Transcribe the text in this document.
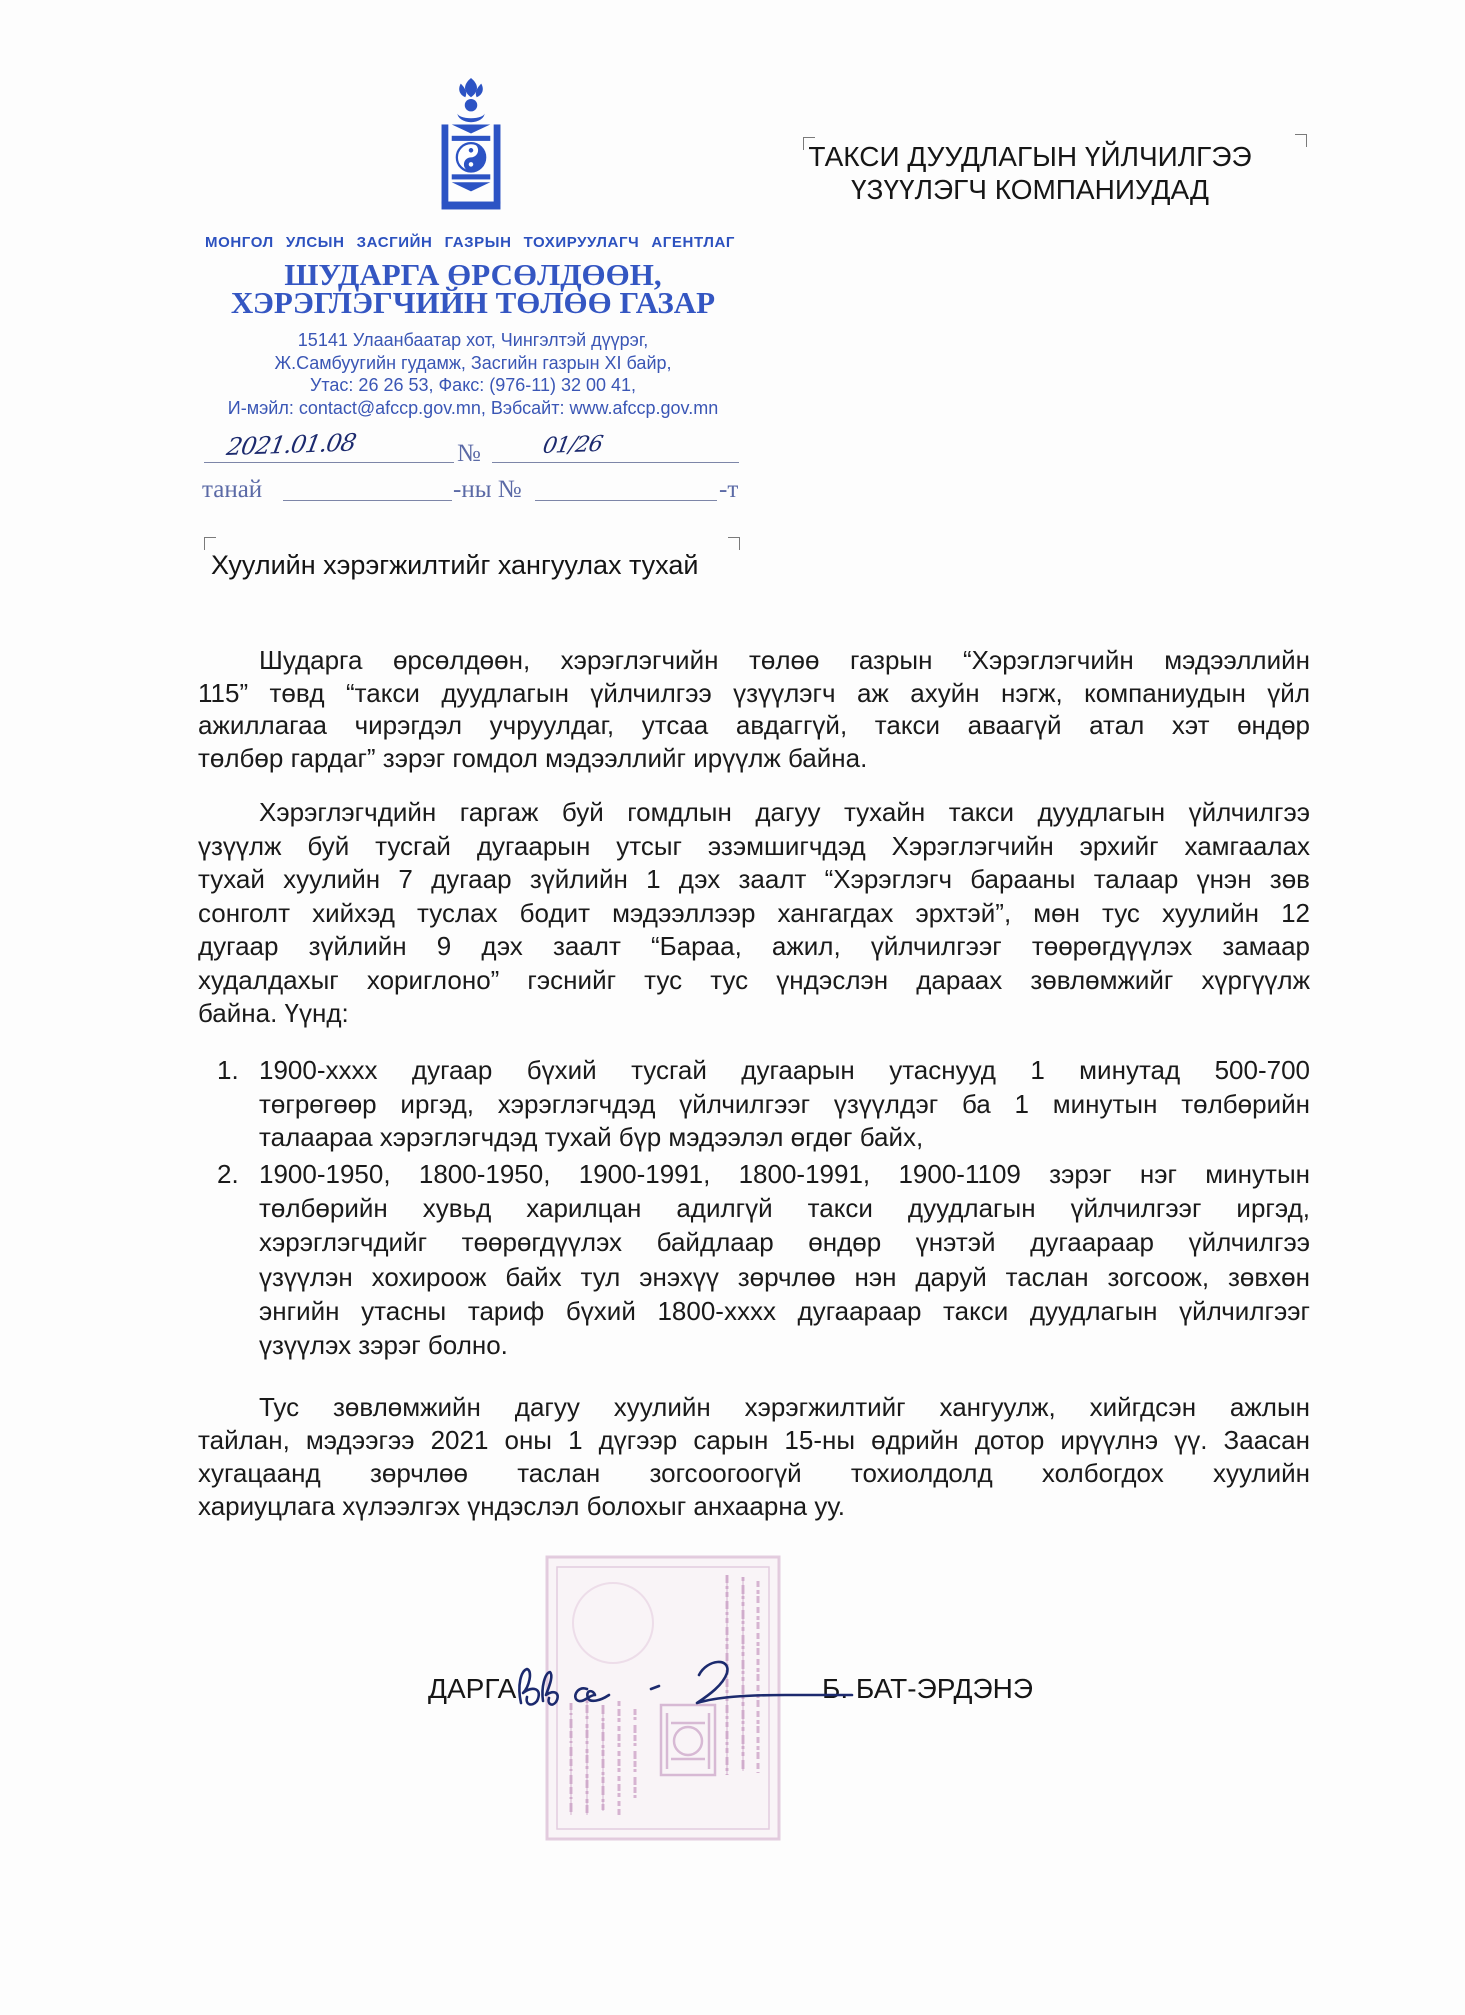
МОНГОЛ УЛСЫН ЗАСГИЙН ГАЗРЫН ТОХИРУУЛАГЧ АГЕНТЛАГ
ШУДАРГА ӨРСӨЛДӨӨН,
ХЭРЭГЛЭГЧИЙН ТӨЛӨӨ ГАЗАР
15141 Улаанбаатар хот, Чингэлтэй дүүрэг,
Ж.Самбуугийн гудамж, Засгийн газрын XI байр,
Утас: 26 26 53, Факс: (976-11) 32 00 41,
И-мэйл: contact@afccp.gov.mn, Вэбсайт: www.afccp.gov.mn
2021.01.08	№	01/26
танай	-ны №	-т
ТАКСИ ДУУДЛАГЫН ҮЙЛЧИЛГЭЭ
ҮЗҮҮЛЭГЧ КОМПАНИУДАД
Хуулийн хэрэгжилтийг хангуулах тухай
Шударга өрсөлдөөн, хэрэглэгчийн төлөө газрын “Хэрэглэгчийн мэдээллийн
115” төвд “такси дуудлагын үйлчилгээ үзүүлэгч аж ахуйн нэгж, компаниудын үйл
ажиллагаа чирэгдэл учруулдаг, утсаа авдаггүй, такси аваагүй атал хэт өндөр
төлбөр гардаг” зэрэг гомдол мэдээллийг ирүүлж байна.
Хэрэглэгчдийн гаргаж буй гомдлын дагуу тухайн такси дуудлагын үйлчилгээ
үзүүлж буй тусгай дугаарын утсыг эзэмшигчдэд Хэрэглэгчийн эрхийг хамгаалах
тухай хуулийн 7 дугаар зүйлийн 1 дэх заалт “Хэрэглэгч барааны талаар үнэн зөв
сонголт хийхэд туслах бодит мэдээллээр хангагдах эрхтэй”, мөн тус хуулийн 12
дугаар зүйлийн 9 дэх заалт “Бараа, ажил, үйлчилгээг төөрөгдүүлэх замаар
худалдахыг хориглоно” гэснийг тус тус үндэслэн дараах зөвлөмжийг хүргүүлж
байна. Үүнд:
1. 1900-xxxx дугаар бүхий тусгай дугаарын утаснууд 1 минутад 500-700
төгрөгөөр иргэд, хэрэглэгчдэд үйлчилгээг үзүүлдэг ба 1 минутын төлбөрийн
талаараа хэрэглэгчдэд тухай бүр мэдээлэл өгдөг байх,
2. 1900-1950, 1800-1950, 1900-1991, 1800-1991, 1900-1109 зэрэг нэг минутын
төлбөрийн хувьд харилцан адилгүй такси дуудлагын үйлчилгээг иргэд,
хэрэглэгчдийг төөрөгдүүлэх байдлаар өндөр үнэтэй дугаараар үйлчилгээ
үзүүлэн хохироож байх тул энэхүү зөрчлөө нэн даруй таслан зогсоож, зөвхөн
энгийн утасны тариф бүхий 1800-xxxx дугаараар такси дуудлагын үйлчилгээг
үзүүлэх зэрэг болно.
Тус зөвлөмжийн дагуу хуулийн хэрэгжилтийг хангуулж, хийгдсэн ажлын
тайлан, мэдээгээ 2021 оны 1 дүгээр сарын 15-ны өдрийн дотор ирүүлнэ үү. Заасан
хугацаанд зөрчлөө таслан зогсоогоогүй тохиолдолд холбогдох хуулийн
хариуцлага хүлээлгэх үндэслэл болохыг анхаарна уу.
ДАРГА	Б. БАТ-ЭРДЭНЭ
